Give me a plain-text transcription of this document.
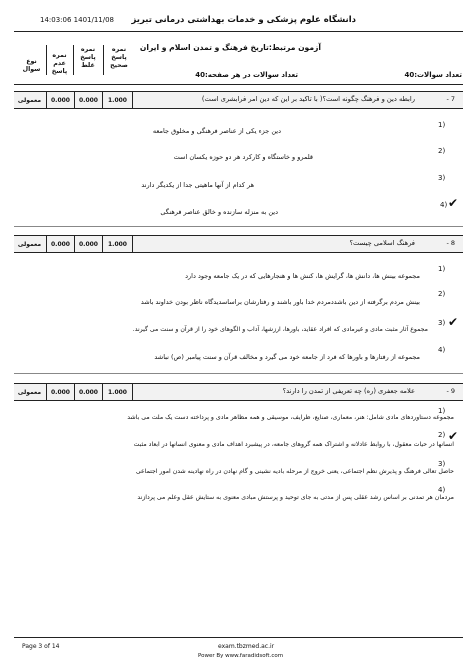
دانشگاه علوم پزشکی و خدمات بهداشتی درمانی تبریز
14:03:06 1401/11/08
آزمون مرتبط:تاریخ فرهنگ و تمدن اسلام و ایران
نمره پاسخ صحیح
نمره پاسخ غلط
نمره عدم پاسخ
نوع سوال
تعداد سوالات:40
تعداد سوالات در هر صفحه:40
معمولی	0.000	0.000	1.000	رابطه دین و فرهنگ چگونه است؟( با تاکید بر این که دین امر فرابشری است)	- 7
1)
دین جزء یکی از عناصر فرهنگی و مخلوق جامعه
2)
قلمرو و خاستگاه و کارکرد هر دو حوزه یکسان است
3)
هر کدام از آنها ماهیتی جدا از یکدیگر دارند
4) ✔
دین به منزله سازنده و خالق عناصر فرهنگی
معمولی	0.000	0.000	1.000	فرهنگ اسلامی چیست؟	- 8
1)
مجموعه بینش ها، دانش ها، گرایش ها، کنش ها و هنجارهایی که در یک جامعه وجود دارد
2)
بینش مردم برگرفته از دین باشددمردم خدا باور باشند و رفتارشان براساسدیدگاه ناظر بودن خداوند باشد
3) ✔
مجموع آثار مثبت مادی و غیرمادی که افراد عقاید، باورها، ارزشها، آداب و الگوهای خود را از قرآن و سنت می گیرند.
4)
مجموعه از رفتارها و باورها که فرد از جامعه خود می گیرد و مخالف قرآن و سنت پیامبر (ص) نباشد
معمولی	0.000	0.000	1.000	علامه جعفری (ره) چه تعریفی از تمدن را دارند؟	- 9
1)
مجموعه دستاوردهای مادی شامل: هنر، معماری، صنایع، ظرایف، موسیقی و همه مظاهر مادی و پرداخته دست یک ملت می باشد
2) ✔
انسانها در حیات معقول، با روابط عادلانه و اشتراک همه گروهای جامعه، در پیشبرد اهداف مادی و معنوی انسانها در ابعاد مثبت
3)
حاصل تعالی فرهنگ و پذیرش نظم اجتماعی، یعنی خروج از مرحله بادیه نشینی و گام نهادن در راه نهادینه شدن امور اجتماعی
4)
مردمان هر تمدنی بر اساس رشد عقلی پس از مدتی به جای توحید و پرستش مبادی معنوی به ستایش عقل وعلم می پردازند
Page 3 of 14	exam.tbzmed.ac.ir
Power By www.faradidsoft.com
